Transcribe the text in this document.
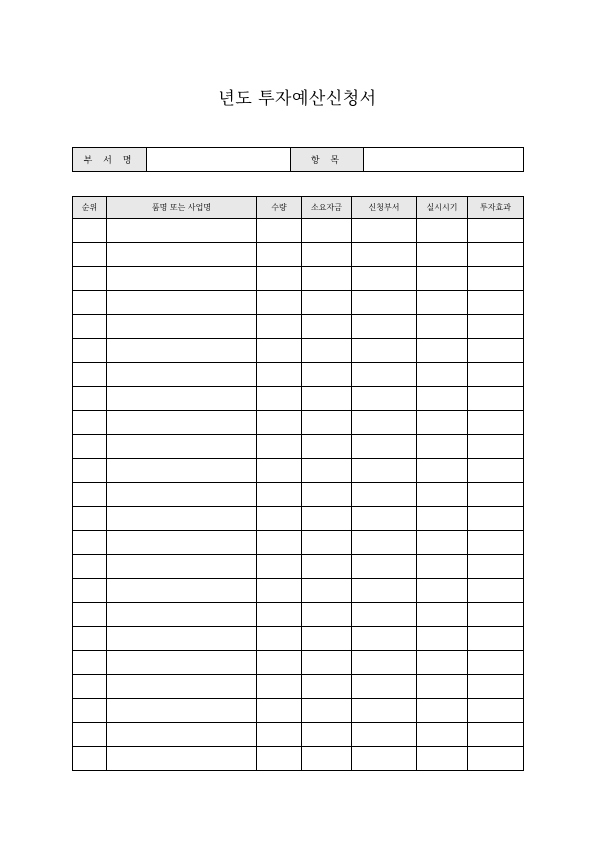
년도 투자예산신청서
부 서 명		항 목	
순위	품명 또는 사업명	수량	소요자금	신청부서	실시시기	투자효과
